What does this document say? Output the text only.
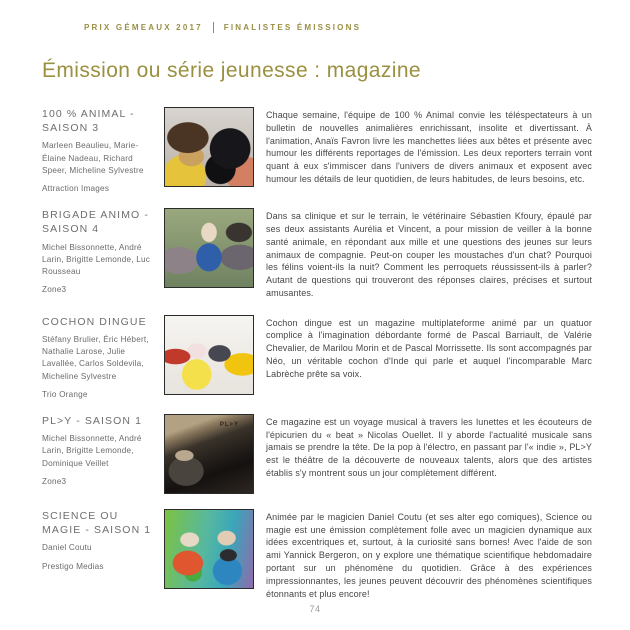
PRIX GÉMEAUX 2017	FINALISTES ÉMISSIONS
Émission ou série jeunesse : magazine
100 % ANIMAL - SAISON 3

Marleen Beaulieu, Marie-Élaine Nadeau, Richard Speer, Micheline Sylvestre

Attraction Images

Chaque semaine, l'équipe de 100 % Animal convie les téléspectateurs à un bulletin de nouvelles animalières enrichissant, insolite et divertissant. À l'animation, Anaïs Favron livre les manchettes liées aux bêtes et présente avec humour les différents reportages de l'émission. Les deux reporters terrain vont quant à eux s'immiscer dans l'univers de divers animaux et exposent avec humour les détails de leur quotidien, de leurs habitudes, de leurs besoins, etc.

BRIGADE ANIMO - SAISON 4

Michel Bissonnette, André Larin, Brigitte Lemonde, Luc Rousseau

Zone3

Dans sa clinique et sur le terrain, le vétérinaire Sébastien Kfoury, épaulé par ses deux assistants Aurélia et Vincent, a pour mission de veiller à la bonne santé animale, en répondant aux mille et une questions des jeunes sur leurs animaux de compagnie. Peut-on couper les moustaches d'un chat? Pourquoi les félins voient-ils la nuit? Comment les perroquets réussissent-ils à parler? Autant de questions qui trouveront des réponses claires, précises et surtout amusantes.

COCHON DINGUE

Stéfany Brulier, Éric Hébert, Nathalie Larose, Julie Lavallée, Carlos Soldevila, Micheline Sylvestre

Trio Orange

Cochon dingue est un magazine multiplateforme animé par un quatuor complice à l'imagination débordante formé de Pascal Barriault, de Valérie Chevalier, de Marilou Morin et de Pascal Morrissette. Ils sont accompagnés par Néo, un véritable cochon d'Inde qui parle et auquel l'incomparable Marc Labrèche prête sa voix.

PL>Y - SAISON 1

Michel Bissonnette, André Larin, Brigitte Lemonde, Dominique Veillet

Zone3

PL>Y	Ce magazine est un voyage musical à travers les lunettes et les écouteurs de l'épicurien du « beat » Nicolas Ouellet. Il y aborde l'actualité musicale sans jamais se prendre la tête. De la pop à l'électro, en passant par l'« indie », PL>Y est le théâtre de la découverte de nouveaux talents, alors que des artistes établis s'y montrent sous un jour complètement différent.

SCIENCE OU MAGIE - SAISON 1

Daniel Coutu

Prestigo Medias

Animée par le magicien Daniel Coutu (et ses alter ego comiques), Science ou magie est une émission complètement folle avec un magicien dynamique aux idées excentriques et, surtout, à la curiosité sans bornes! Avec l'aide de son ami Yannick Bergeron, on y explore une thématique scientifique hebdomadaire portant sur un phénomène du quotidien. Grâce à des expériences impressionnantes, les jeunes peuvent découvrir des phénomènes scientifiques étonnants et plus encore!

74
